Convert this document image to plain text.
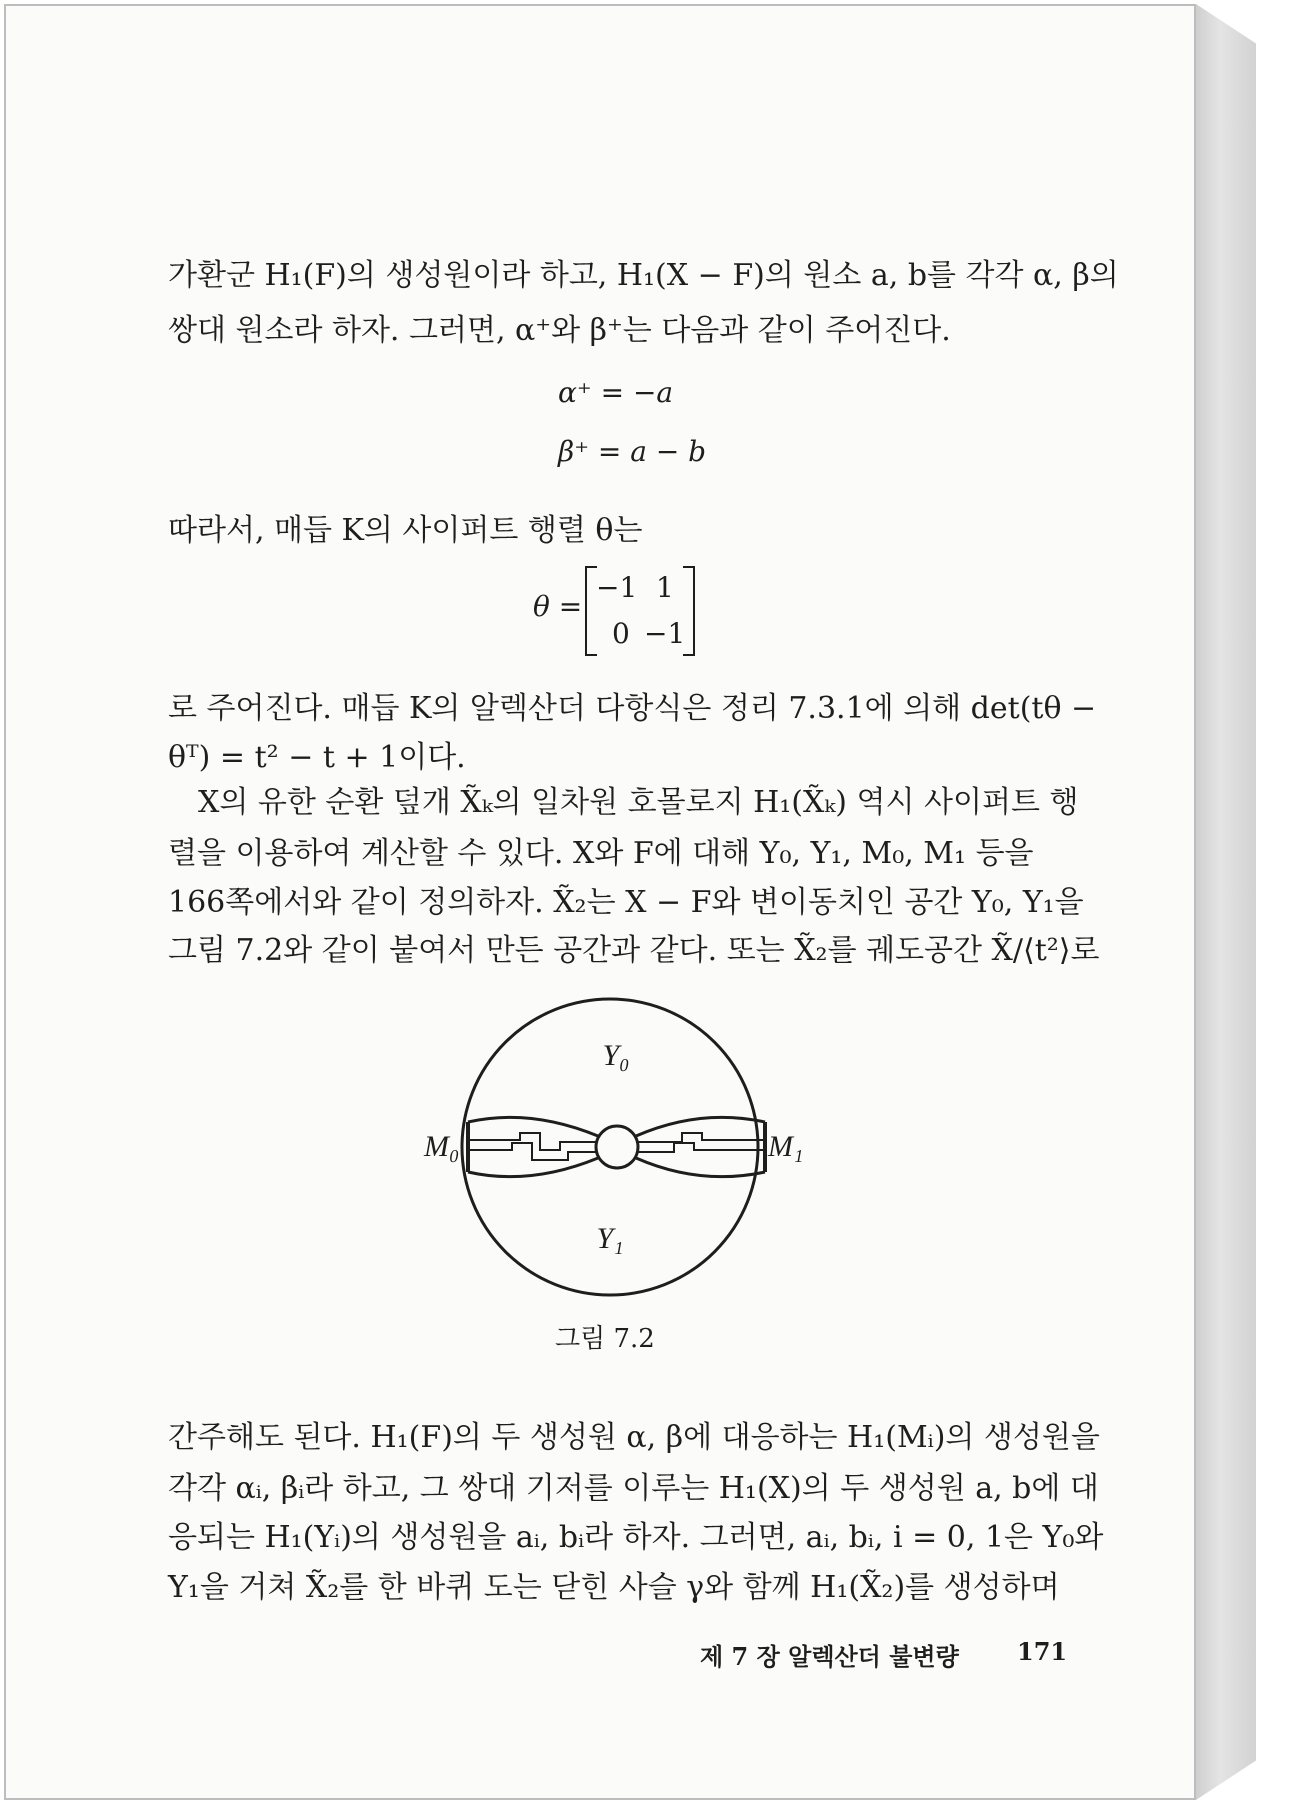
가환군 H₁(F)의 생성원이라 하고, H₁(X − F)의 원소 a, b를 각각 α, β의
쌍대 원소라 하자. 그러면, α⁺와 β⁺는 다음과 같이 주어진다.
α⁺ = −a
β⁺ = a − b
따라서, 매듭 K의 사이퍼트 행렬 θ는
θ =
−1 1
0 −1
로 주어진다. 매듭 K의 알렉산더 다항식은 정리 7.3.1에 의해 det(tθ −
θᵀ) = t² − t + 1이다.
X의 유한 순환 덮개 X̃ₖ의 일차원 호몰로지 H₁(X̃ₖ) 역시 사이퍼트 행
렬을 이용하여 계산할 수 있다. X와 F에 대해 Y₀, Y₁, M₀, M₁ 등을
166쪽에서와 같이 정의하자. X̃₂는 X − F와 변이동치인 공간 Y₀, Y₁을
그림 7.2와 같이 붙여서 만든 공간과 같다. 또는 X̃₂를 궤도공간 X̃/⟨t²⟩로
Y₀
Y₁
M₀	M₁
그림 7.2
간주해도 된다. H₁(F)의 두 생성원 α, β에 대응하는 H₁(Mᵢ)의 생성원을
각각 αᵢ, βᵢ라 하고, 그 쌍대 기저를 이루는 H₁(X)의 두 생성원 a, b에 대
응되는 H₁(Yᵢ)의 생성원을 aᵢ, bᵢ라 하자. 그러면, aᵢ, bᵢ, i = 0, 1은 Y₀와
Y₁을 거쳐 X̃₂를 한 바퀴 도는 닫힌 사슬 γ와 함께 H₁(X̃₂)를 생성하며
제 7 장 알렉산더 불변량 171
